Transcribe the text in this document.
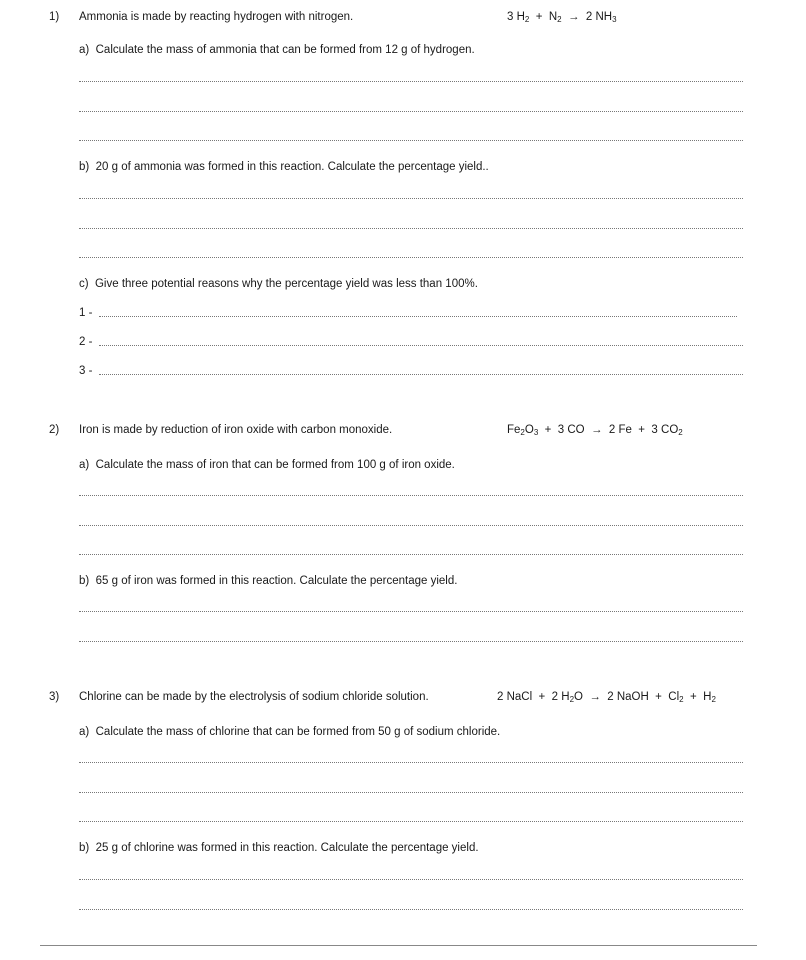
1) Ammonia is made by reacting hydrogen with nitrogen.	3 $H_2 + N_2 \to 2$ $NH_3$
a) Calculate the mass of ammonia that can be formed from 12 g of hydrogen.
b) 20 g of ammonia was formed in this reaction. Calculate the percentage yield..
c) Give three potential reasons why the percentage yield was less than 100%.
1 -
2 -
3 -
2) Iron is made by reduction of iron oxide with carbon monoxide.	$Fe_2O_3 + 3$ CO  →  2 Fe  +  3 $CO_2$
a) Calculate the mass of iron that can be formed from 100 g of iron oxide.
b) 65 g of iron was formed in this reaction. Calculate the percentage yield.
3) Chlorine can be made by the electrolysis of sodium chloride solution.	2 NaCl  +  2 $H_2O \to 2$ NaOH  +  $Cl_2 + H_2$
a) Calculate the mass of chlorine that can be formed from 50 g of sodium chloride.
b) 25 g of chlorine was formed in this reaction. Calculate the percentage yield.
